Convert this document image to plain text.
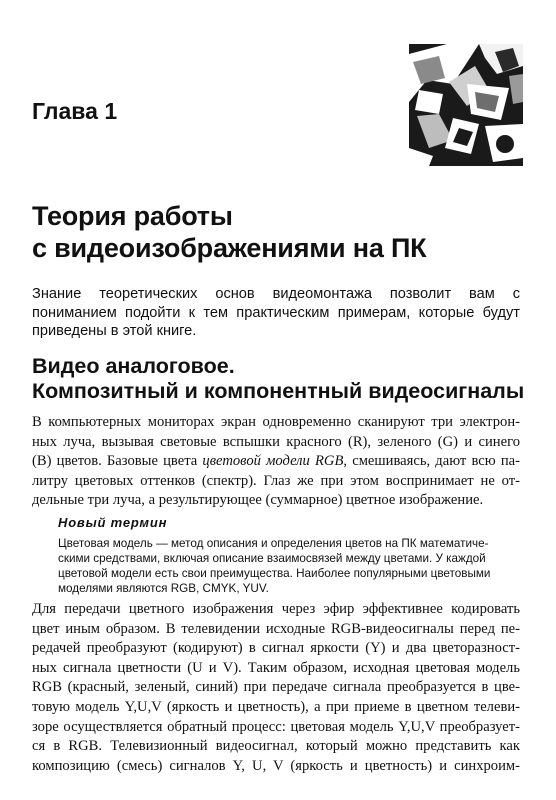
Глава 1
Теория работы
с видеоизображениями на ПК

Знание теоретических основ видеомонтажа позволит вам с пониманием подойти к тем практическим примерам, которые будут приведены в этой книге.

Видео аналоговое.
Композитный и компонентный видеосигналы
В компьютерных мониторах экран одновременно сканируют три электрон-
ных луча, вызывая световые вспышки красного (R), зеленого (G) и синего
(B) цветов. Базовые цвета цветовой модели RGB, смешиваясь, дают всю па-
литру цветовых оттенков (спектр). Глаз же при этом воспринимает не от-
дельные три луча, а результирующее (суммарное) цветное изображение.
Новый термин
Цветовая модель — метод описания и определения цветов на ПК математиче-
скими средствами, включая описание взаимосвязей между цветами. У каждой
цветовой модели есть свои преимущества. Наиболее популярными цветовыми
моделями являются RGB, CMYK, YUV.
Для передачи цветного изображения через эфир эффективнее кодировать
цвет иным образом. В телевидении исходные RGB-видеосигналы перед пе-
редачей преобразуют (кодируют) в сигнал яркости (Y) и два цветоразност-
ных сигнала цветности (U и V). Таким образом, исходная цветовая модель
RGB (красный, зеленый, синий) при передаче сигнала преобразуется в цве-
товую модель Y,U,V (яркость и цветность), а при приеме в цветном телеви-
зоре осуществляется обратный процесс: цветовая модель Y,U,V преобразует-
ся в RGB. Телевизионный видеосигнал, который можно представить как
композицию (смесь) сигналов Y, U, V (яркость и цветность) и синхроим-
